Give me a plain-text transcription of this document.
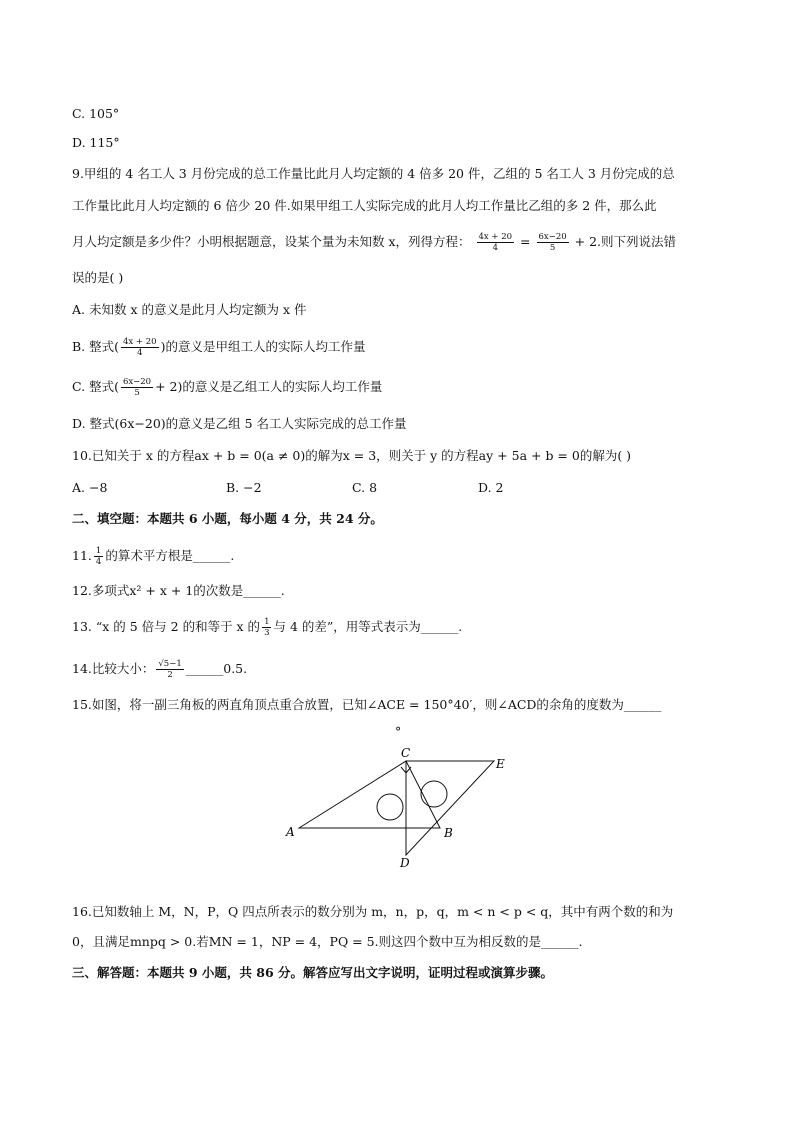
C. 105°
D. 115°
9.甲组的 4 名工人 3 月份完成的总工作量比此月人均定额的 4 倍多 20 件，乙组的 5 名工人 3 月份完成的总
工作量比此月人均定额的 6 倍少 20 件.如果甲组工人实际完成的此月人均工作量比乙组的多 2 件，那么此
月人均定额是多少件？小明根据题意，设某个量为未知数 x，列得方程： $\frac{4x + 20}{4} = \frac{6x-20}{5} + 2$.则下列说法错
误的是( )
A. 未知数 x 的意义是此月人均定额为 x 件
B. 整式( $\frac{4x + 20}{4}$ )的意义是甲组工人的实际人均工作量
C. 整式( $\frac{6x-20}{5} + 2$)的意义是乙组工人的实际人均工作量
D. 整式(6x−20)的意义是乙组 5 名工人实际完成的总工作量
10.已知关于 x 的方程ax + b = 0(a ≠ 0)的解为x = 3，则关于 y 的方程ay + 5a + b = 0的解为( )
A. −8	B. −2	C. 8	D. 2
二、填空题：本题共 6 小题，每小题 4 分，共 24 分。
11. $\frac{1}{4}$ 的算术平方根是______.
12.多项式x² + x + 1的次数是______.
13. “x 的 5 倍与 2 的和等于 x 的 $\frac{1}{3}$ 与 4 的差”，用等式表示为______.
14.比较大小： $\frac{√5-1}{2}$ ______0.5.
15.如图，将一副三角板的两直角顶点重合放置，已知∠ACE = 150°40′，则∠ACD的余角的度数为______
°
A	B
C
D
E
16.已知数轴上 M，N，P，Q 四点所表示的数分别为 m，n，p，q，m < n < p < q，其中有两个数的和为
0，且满足mnpq > 0.若MN = 1，NP = 4，PQ = 5.则这四个数中互为相反数的是______.
三、解答题：本题共 9 小题，共 86 分。解答应写出文字说明，证明过程或演算步骤。
